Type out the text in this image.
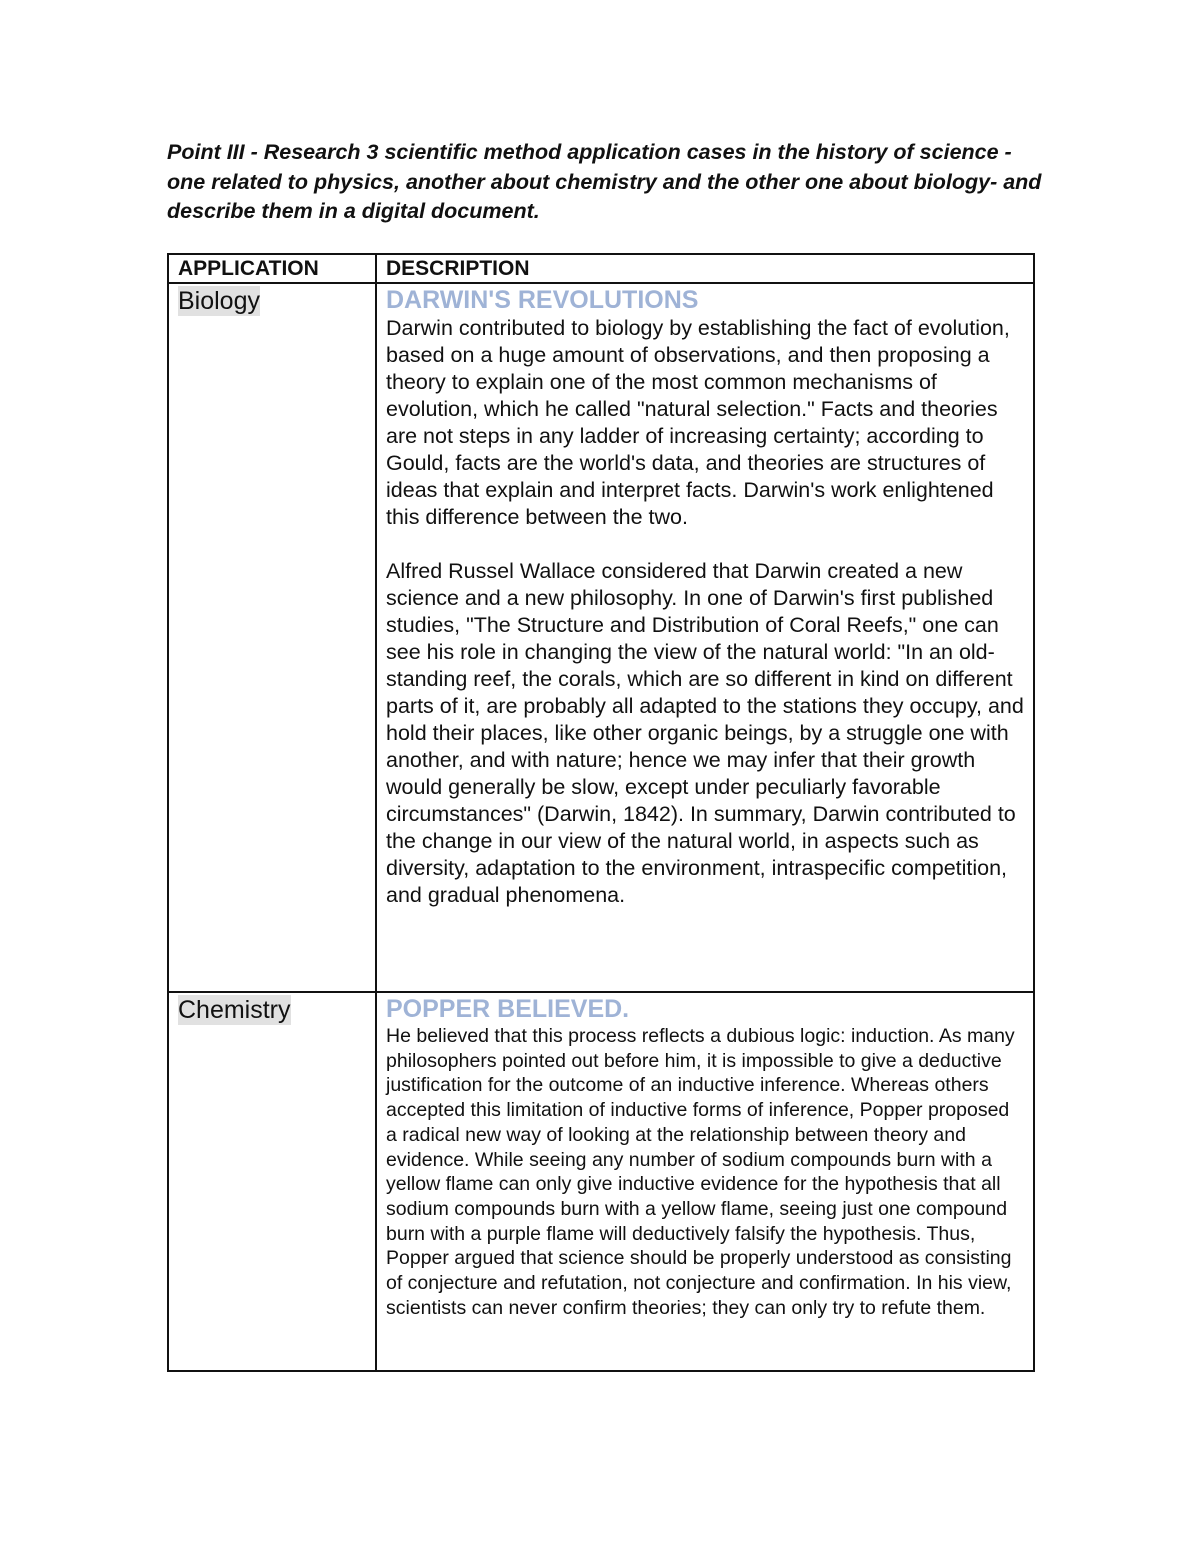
Point III - Research 3 scientific method application cases in the history of science - one related to physics, another about chemistry and the other one about biology- and describe them in a digital document.

APPLICATION	DESCRIPTION
Biology	DARWIN'S REVOLUTIONS

Darwin contributed to biology by establishing the fact of evolution, based on a huge amount of observations, and then proposing a theory to explain one of the most common mechanisms of evolution, which he called "natural selection." Facts and theories are not steps in any ladder of increasing certainty; according to Gould, facts are the world's data, and theories are structures of ideas that explain and interpret facts. Darwin's work enlightened this difference between the two.

Alfred Russel Wallace considered that Darwin created a new science and a new philosophy. In one of Darwin's first published studies, "The Structure and Distribution of Coral Reefs," one can see his role in changing the view of the natural world: "In an old-standing reef, the corals, which are so different in kind on different parts of it, are probably all adapted to the stations they occupy, and hold their places, like other organic beings, by a struggle one with another, and with nature; hence we may infer that their growth would generally be slow, except under peculiarly favorable circumstances" (Darwin, 1842). In summary, Darwin contributed to the change in our view of the natural world, in aspects such as diversity, adaptation to the environment, intraspecific competition, and gradual phenomena.

Chemistry	POPPER BELIEVED.

He believed that this process reflects a dubious logic: induction. As many philosophers pointed out before him, it is impossible to give a deductive justification for the outcome of an inductive inference. Whereas others accepted this limitation of inductive forms of inference, Popper proposed a radical new way of looking at the relationship between theory and evidence. While seeing any number of sodium compounds burn with a yellow flame can only give inductive evidence for the hypothesis that all sodium compounds burn with a yellow flame, seeing just one compound burn with a purple flame will deductively falsify the hypothesis. Thus, Popper argued that science should be properly understood as consisting of conjecture and refutation, not conjecture and confirmation. In his view, scientists can never confirm theories; they can only try to refute them.
